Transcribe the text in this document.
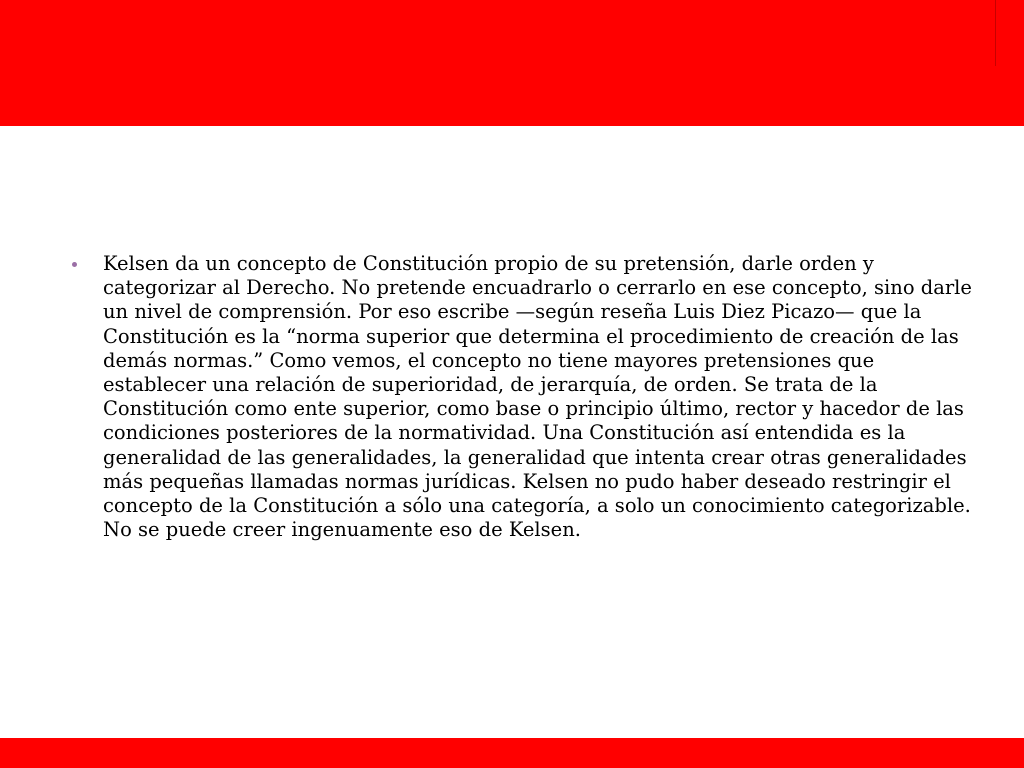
Kelsen da un concepto de Constitución propio de su pretensión, darle orden y categorizar al Derecho. No pretende encuadrarlo o cerrarlo en ese concepto, sino darle un nivel de comprensión. Por eso escribe —según reseña Luis Diez Picazo— que la Constitución es la “norma superior que determina el procedimiento de creación de las demás normas.” Como vemos, el concepto no tiene mayores pretensiones que establecer una relación de superioridad, de jerarquía, de orden. Se trata de la Constitución como ente superior, como base o principio último, rector y hacedor de las condiciones posteriores de la normatividad. Una Constitución así entendida es la generalidad de las generalidades, la generalidad que intenta crear otras generalidades más pequeñas llamadas normas jurídicas. Kelsen no pudo haber deseado restringir el concepto de la Constitución a sólo una categoría, a solo un conocimiento categorizable. No se puede creer ingenuamente eso de Kelsen.
